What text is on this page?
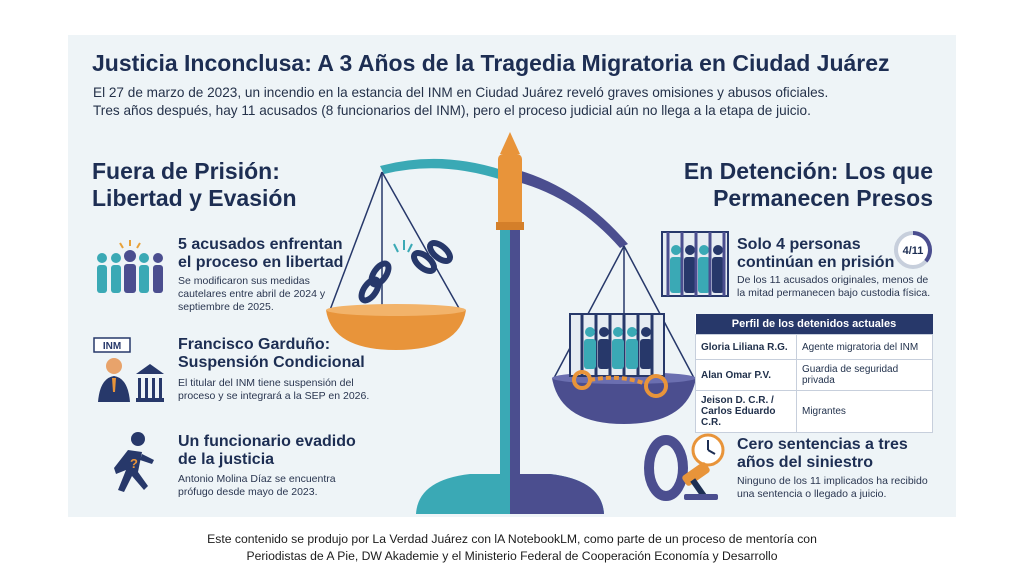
Justicia Inconclusa: A 3 Años de la Tragedia Migratoria en Ciudad Juárez
El 27 de marzo de 2023, un incendio en la estancia del INM en Ciudad Juárez reveló graves omisiones y abusos oficiales.
Tres años después, hay 11 acusados (8 funcionarios del INM), pero el proceso judicial aún no llega a la etapa de juicio.
Fuera de Prisión:
Libertad y Evasión
5 acusados enfrentan
el proceso en libertad
Se modificaron sus medidas
cautelares entre abril de 2024 y
septiembre de 2025.
INM	Francisco Garduño:
Suspensión Condicional
El titular del INM tiene suspensión del
proceso y se integrará a la SEP en 2026.
?
Un funcionario evadido
de la justicia
Antonio Molina Díaz se encuentra
prófugo desde mayo de 2023.
En Detención: Los que
Permanecen Presos
Solo 4 personas
continúan en prisión
4/11
De los 11 acusados originales, menos de
la mitad permanecen bajo custodia física.
Perfil de los detenidos actuales	
Gloria Liliana R.G.	Agente migratoria del INM
Alan Omar P.V.	Guardia de seguridad privada

Jeison D. C.R. /
Carlos Eduardo C.R.	Migrantes
Cero sentencias a tres
años del siniestro
Ninguno de los 11 implicados ha recibido
una sentencia o llegado a juicio.
Este contenido se produjo por La Verdad Juárez con lA NotebookLM, como parte de un proceso de mentoría con
Periodistas de A Pie, DW Akademie y el Ministerio Federal de Cooperación Economía y Desarrollo
